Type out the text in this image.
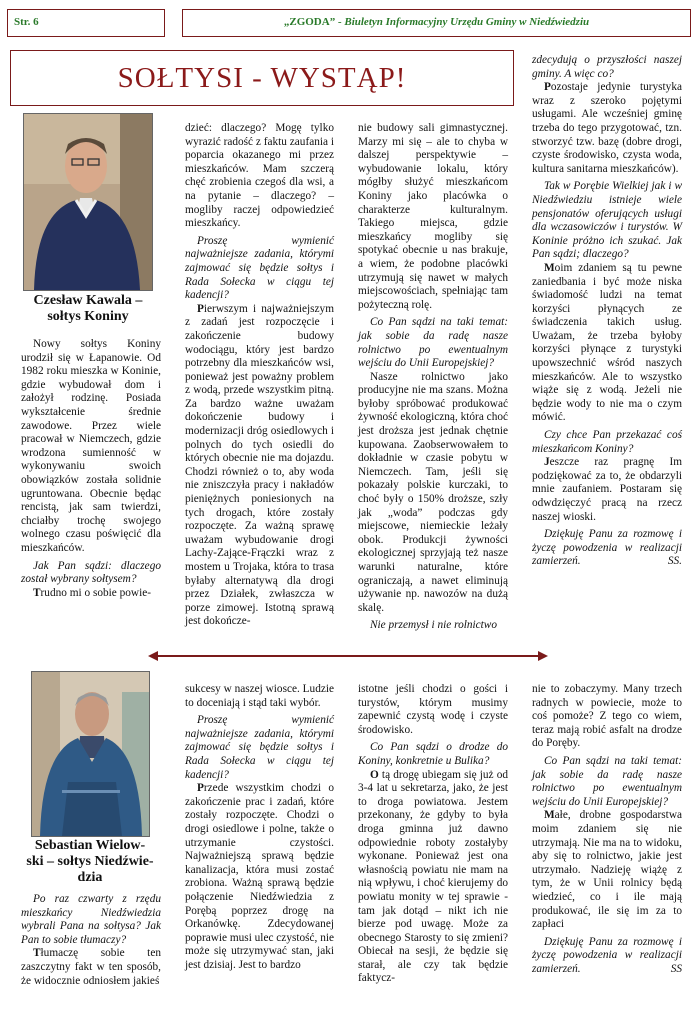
Str. 6	„ZGODA” - Biuletyn Informacyjny Urzędu Gminy w Niedźwiedziu
SOŁTYSI - WYSTĄP!
Czesław Kawala –
sołtys Koniny

Nowy sołtys Koniny urodził się w Łapanowie. Od 1982 roku mieszka w Koninie, gdzie wybudował dom i założył rodzinę. Posiada wykształcenie średnie zawodowe. Przez wiele pracował w Niemczech, gdzie wrodzona sumienność w wykonywaniu swoich obowiązków została solidnie ugruntowana. Obecnie będąc rencistą, jak sam twierdzi, chciałby trochę swojego wolnego czasu poświęcić dla mieszkańców.

Jak Pan sądzi: dlaczego został wybrany sołtysem?

Trudno mi o sobie powie-

dzieć: dlaczego? Mogę tylko wyrazić radość z faktu zaufania i poparcia okazanego mi przez mieszkańców. Mam szczerą chęć zrobienia czegoś dla wsi, a na pytanie – dlaczego? – mogliby raczej odpowiedzieć mieszkańcy.

Proszę wymienić najważniejsze zadania, którymi zajmować się będzie sołtys i Rada Sołecka w ciągu tej kadencji?

Pierwszym i najważniejszym z zadań jest rozpoczęcie i zakończenie budowy wodociągu, który jest bardzo potrzebny dla mieszkańców wsi, ponieważ jest poważny problem z wodą, przede wszystkim pitną. Za bardzo ważne uważam dokończenie budowy i modernizacji dróg osiedlowych i polnych do tych osiedli do których obecnie nie ma dojazdu. Chodzi również o to, aby woda nie zniszczyła pracy i nakładów pieniężnych poniesionych na tych drogach, które zostały rozpoczęte. Za ważną sprawę uważam wybudowanie drogi Lachy-Zające-Frączki wraz z mostem u Trojaka, która to trasa byłaby alternatywą dla drogi przez Działek, zwłaszcza w porze zimowej. Istotną sprawą jest dokończe-

nie budowy sali gimnastycznej. Marzy mi się – ale to chyba w dalszej perspektywie – wybudowanie lokalu, który mógłby służyć mieszkańcom Koniny jako placówka o charakterze kulturalnym. Takiego miejsca, gdzie mieszkańcy mogliby się spotykać obecnie u nas brakuje, a wiem, że podobne placówki utrzymują się nawet w małych miejscowościach, spełniając tam pożyteczną rolę.

Co Pan sądzi na taki temat: jak sobie da radę nasze rolnictwo po ewentualnym wejściu do Unii Europejskiej?

Nasze rolnictwo jako producyjne nie ma szans. Można byłoby spróbować produkować żywność ekologiczną, która choć jest droższa jest jednak chętnie kupowana. Zaobserwowałem to dokładnie w czasie pobytu w Niemczech. Tam, jeśli się pokazały polskie kurczaki, to choć były o 150% droższe, szły jak „woda” podczas gdy miejscowe, niemieckie leżały obok. Produkcji żywności ekologicznej sprzyjają też nasze warunki naturalne, które ograniczają, a nawet eliminują używanie np. nawozów na dużą skalę.

Nie przemysł i nie rolnictwo

zdecydują o przyszłości naszej gminy. A więc co?

Pozostaje jedynie turystyka wraz z szeroko pojętymi usługami. Ale wcześniej gminę trzeba do tego przygotować, tzn. stworzyć tzw. bazę (dobre drogi, czyste środowisko, czysta woda, kultura sanitarna mieszkańców).

Tak w Porębie Wielkiej jak i w Niedźwiedziu istnieje wiele pensjonatów oferujących usługi dla wczasowiczów i turystów. W Koninie próżno ich szukać. Jak Pan sądzi; dlaczego?

Moim zdaniem są tu pewne zaniedbania i być może niska świadomość ludzi na temat korzyści płynących ze świadczenia takich usług. Uważam, że trzeba byłoby korzyści płynące z turystyki upowszechnić wśród naszych mieszkańców. Ale to wszystko wiąże się z wodą. Jeżeli nie będzie wody to nie ma o czym mówić.

Czy chce Pan przekazać coś mieszkańcom Koniny?

Jeszcze raz pragnę Im podziękować za to, że obdarzyli mnie zaufaniem. Postaram się odwdzięczyć pracą na rzecz naszej wioski.

Dziękuję Panu za rozmowę i życzę powodzenia w realizacji zamierzeń.	SS.

Sebastian Wielow-
ski – sołtys Niedźwie-
dzia

Po raz czwarty z rzędu mieszkańcy Niedźwiedzia wybrali Pana na sołtysa? Jak Pan to sobie tłumaczy?

Tłumaczę sobie ten zaszczytny fakt w ten sposób, że widocznie odniosłem jakieś

sukcesy w naszej wiosce. Ludzie to doceniają i stąd taki wybór.

Proszę wymienić najważniejsze zadania, którymi zajmować się będzie sołtys i Rada Sołecka w ciągu tej kadencji?

Przede wszystkim chodzi o zakończenie prac i zadań, które zostały rozpoczęte. Chodzi o drogi osiedlowe i polne, także o utrzymanie czystości. Najważniejszą sprawą będzie kanalizacja, która musi zostać zrobiona. Ważną sprawą będzie połączenie Niedźwiedzia z Porębą poprzez drogę na Orkanówkę. Zdecydowanej poprawie musi ulec czystość, nie może się utrzymywać stan, jaki jest dzisiaj. Jest to bardzo

istotne jeśli chodzi o gości i turystów, którym musimy zapewnić czystą wodę i czyste środowisko.

Co Pan sądzi o drodze do Koniny, konkretnie u Bulika?

O tą drogę ubiegam się już od 3-4 lat u sekretarza, jako, że jest to droga powiatowa. Jestem przekonany, że gdyby to była droga gminna już dawno odpowiednie roboty zostałyby wykonane. Ponieważ jest ona własnością powiatu nie mam na nią wpływu, i choć kierujemy do powiatu monity w tej sprawie - tam jak dotąd – nikt ich nie bierze pod uwagę. Może za obecnego Starosty to się zmieni? Obiecał na sesji, że będzie się starał, ale czy tak będzie faktycz-

nie to zobaczymy. Many trzech radnych w powiecie, może to coś pomoże? Z tego co wiem, teraz mają robić asfalt na drodze do Poręby.

Co Pan sądzi na taki temat: jak sobie da radę nasze rolnictwo po ewentualnym wejściu do Unii Europejskiej?

Małe, drobne gospodarstwa moim zdaniem się nie utrzymają. Nie ma na to widoku, aby się to rolnictwo, jakie jest utrzymało. Nadzieję wiążę z tym, że w Unii rolnicy będą wiedzieć, co i ile mają produkować, ile się im za to zapłaci

Dziękuję Panu za rozmowę i życzę powodzenia w realizacji zamierzeń.	SS
